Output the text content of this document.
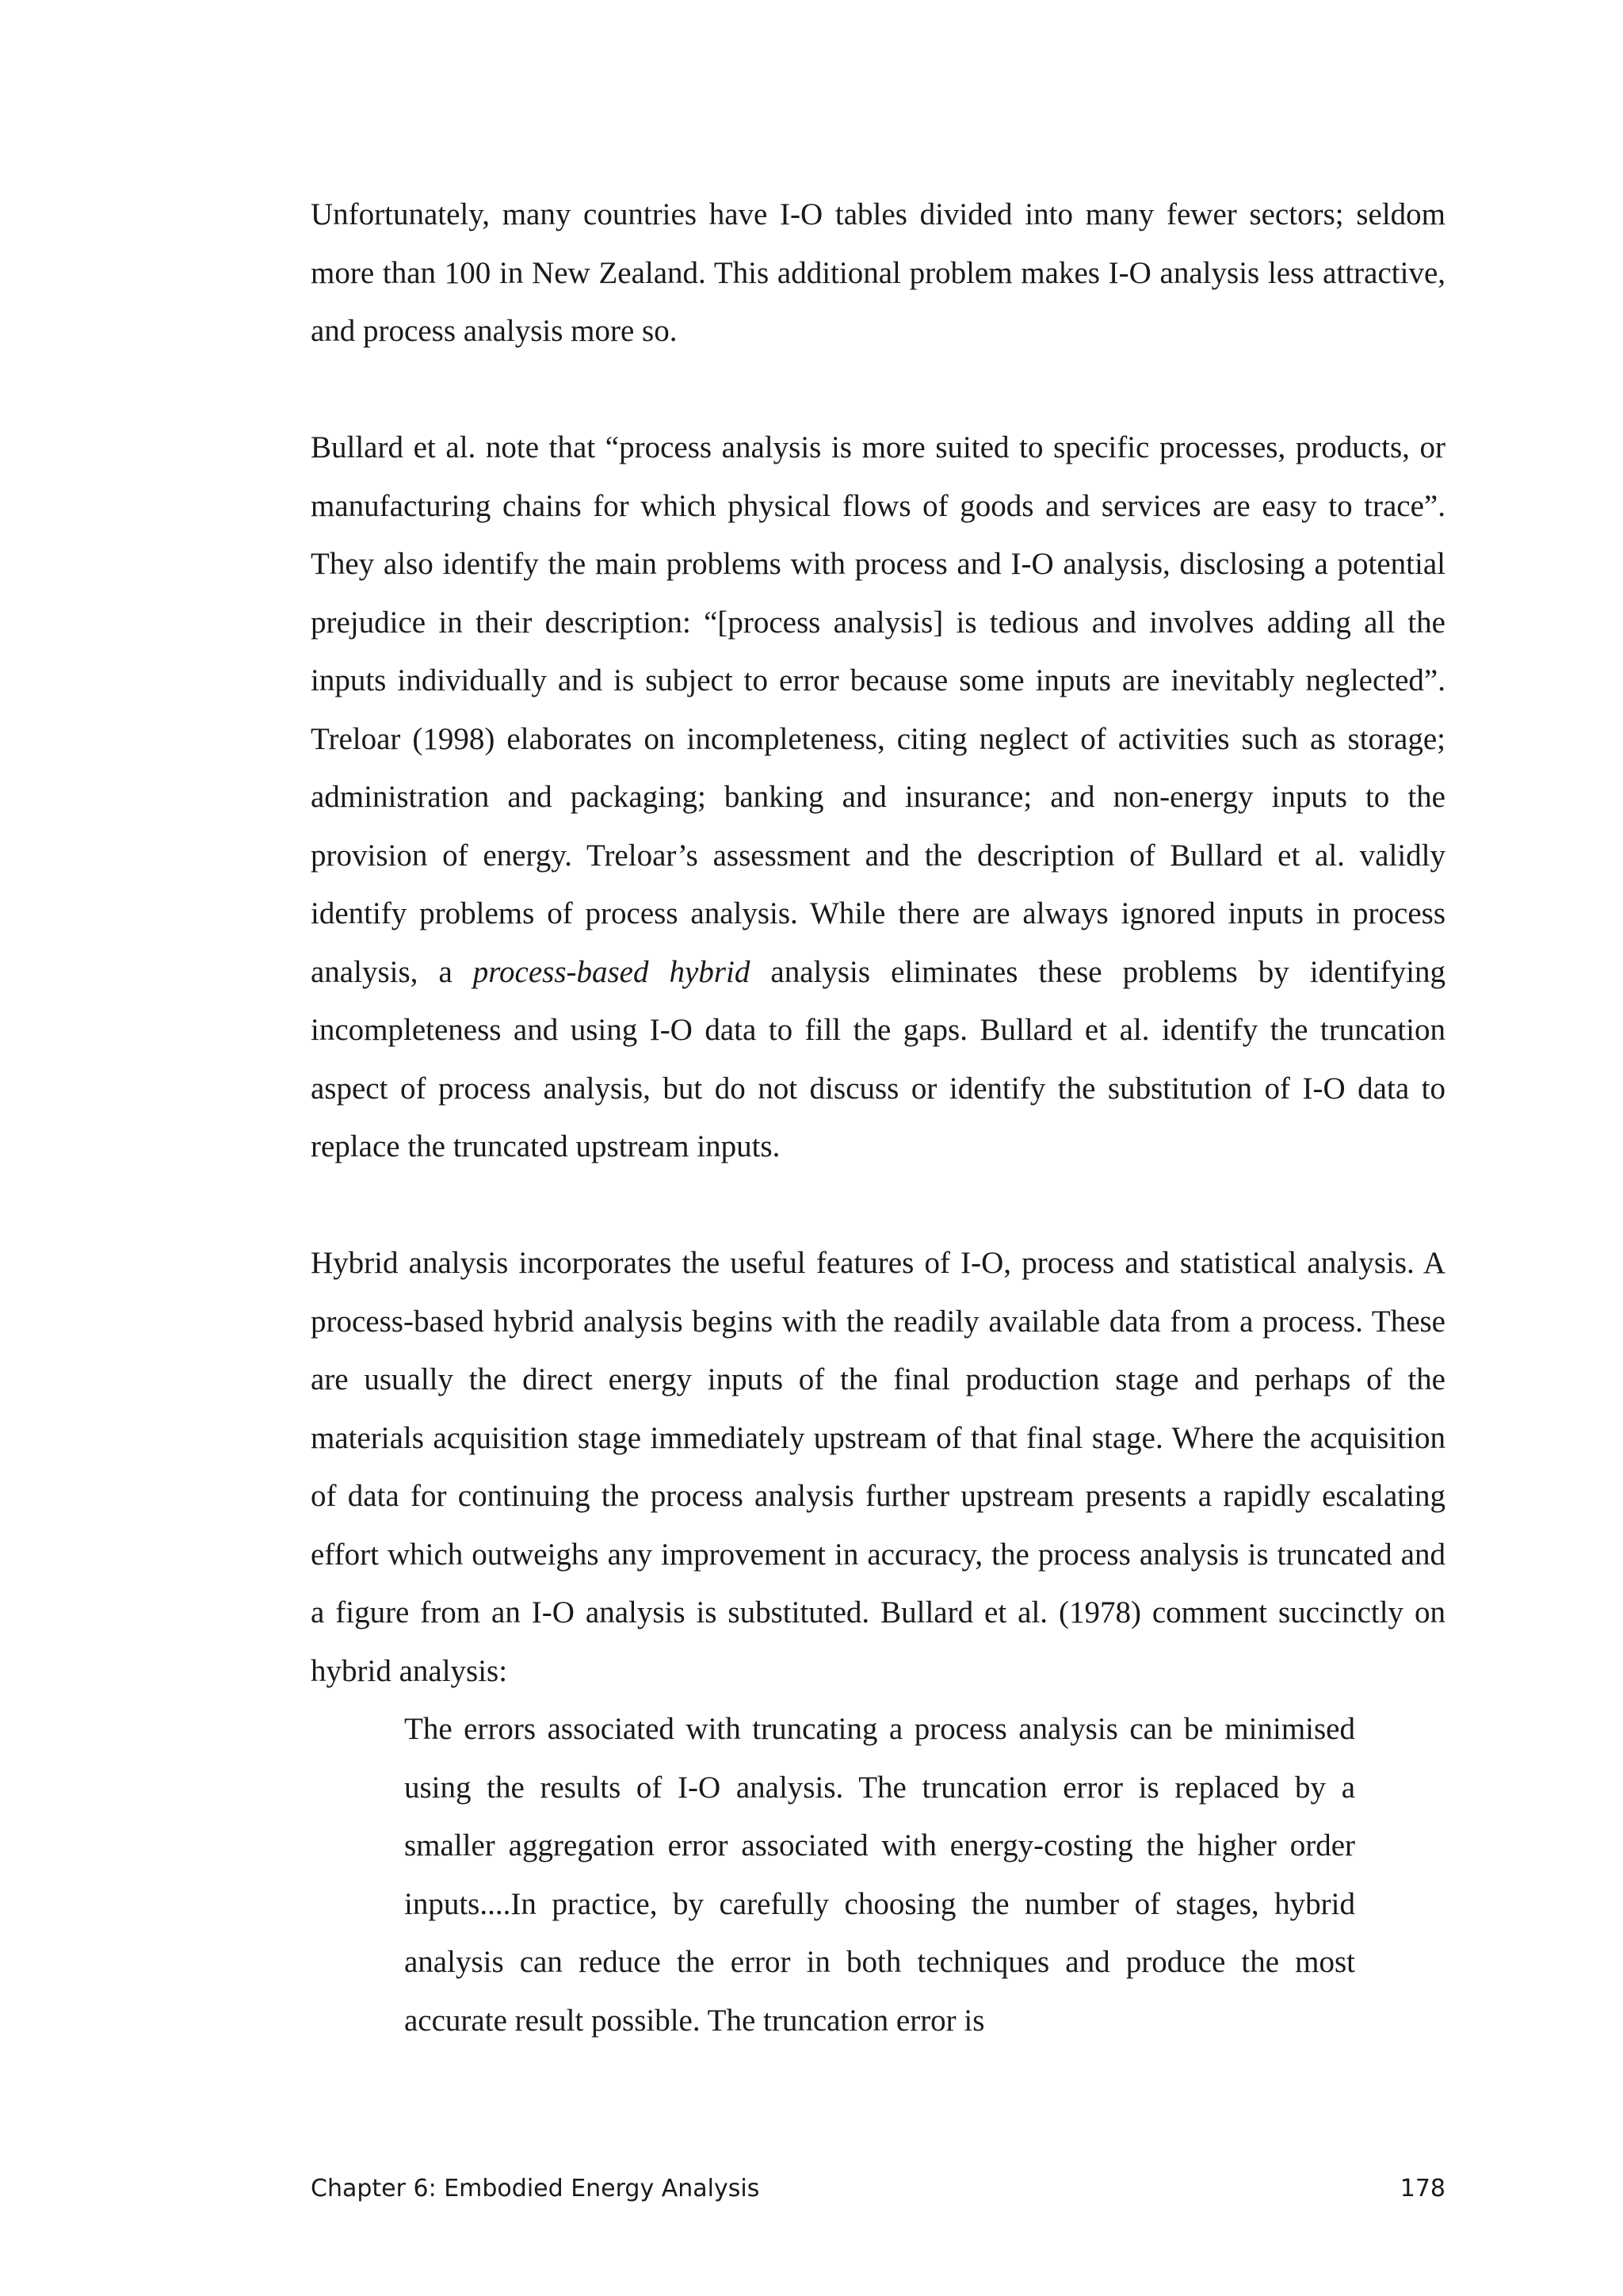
Unfortunately, many countries have I-O tables divided into many fewer sectors; seldom more than 100 in New Zealand. This additional problem makes I-O analysis less attractive, and process analysis more so.

Bullard et al. note that “process analysis is more suited to specific processes, products, or manufacturing chains for which physical flows of goods and services are easy to trace”. They also identify the main problems with process and I-O analysis, disclosing a potential prejudice in their description: “[process analysis] is tedious and involves adding all the inputs individually and is subject to error because some inputs are inevitably neglected”. Treloar (1998) elaborates on incompleteness, citing neglect of activities such as storage; administration and packaging; banking and insurance; and non-energy inputs to the provision of energy. Treloar’s assessment and the description of Bullard et al. validly identify problems of process analysis. While there are always ignored inputs in process analysis, a process-based hybrid analysis eliminates these problems by identifying incompleteness and using I-O data to fill the gaps. Bullard et al. identify the truncation aspect of process analysis, but do not discuss or identify the substitution of I-O data to replace the truncated upstream inputs.

Hybrid analysis incorporates the useful features of I-O, process and statistical analysis. A process-based hybrid analysis begins with the readily available data from a process. These are usually the direct energy inputs of the final production stage and perhaps of the materials acquisition stage immediately upstream of that final stage. Where the acquisition of data for continuing the process analysis further upstream presents a rapidly escalating effort which outweighs any improvement in accuracy, the process analysis is truncated and a figure from an I-O analysis is substituted. Bullard et al. (1978) comment succinctly on hybrid analysis:

The errors associated with truncating a process analysis can be minimised using the results of I-O analysis. The truncation error is replaced by a smaller aggregation error associated with energy-costing the higher order inputs....In practice, by carefully choosing the number of stages, hybrid analysis can reduce the error in both techniques and produce the most accurate result possible. The truncation error is

Chapter 6: Embodied Energy Analysis	178
